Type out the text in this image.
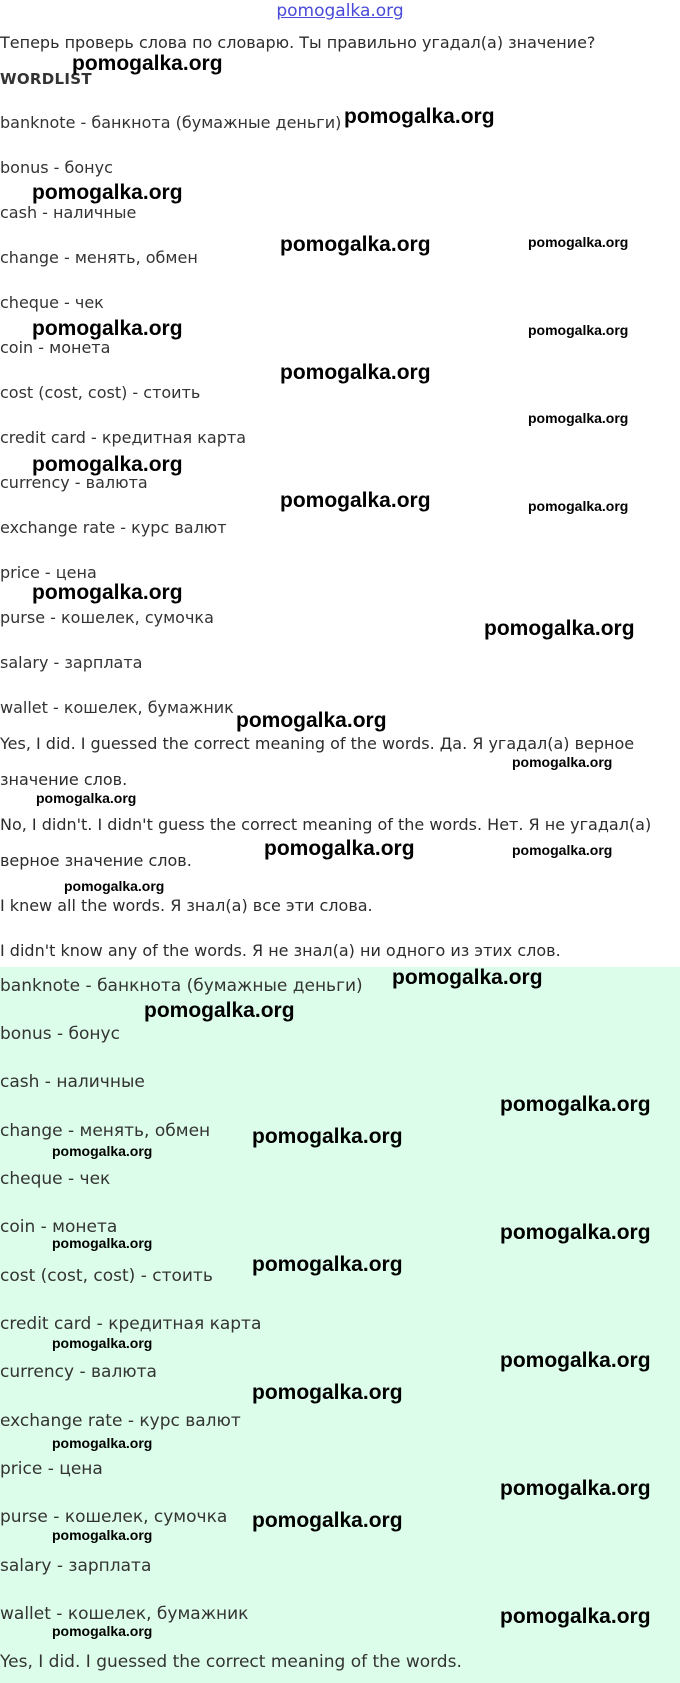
pomogalka.org
Теперь проверь слова по словарю. Ты правильно угадал(а) значение?
WORDLIST
banknote - банкнота (бумажные деньги)
bonus - бонус
cash - наличные
change - менять, обмен
cheque - чек
coin - монета
cost (cost, cost) - стоить
credit card - кредитная карта
currency - валюта
exchange rate - курс валют
price - цена
purse - кошелек, сумочка
salary - зарплата
wallet - кошелек, бумажник
Yes, I did. I guessed the correct meaning of the words. Да. Я угадал(а) верное значение слов.
No, I didn't. I didn't guess the correct meaning of the words. Нет. Я не угадал(а) верное значение слов.
I knew all the words. Я знал(а) все эти слова.
I didn't know any of the words. Я не знал(а) ни одного из этих слов.
banknote - банкнота (бумажные деньги)
bonus - бонус
cash - наличные
change - менять, обмен
cheque - чек
coin - монета
cost (cost, cost) - стоить
credit card - кредитная карта
currency - валюта
exchange rate - курс валют
price - цена
purse - кошелек, сумочка
salary - зарплата
wallet - кошелек, бумажник
Yes, I did. I guessed the correct meaning of the words.
pomogalka.org
pomogalka.org
pomogalka.org
pomogalka.org	pomogalka.org
pomogalka.org	pomogalka.org
pomogalka.org
pomogalka.org
pomogalka.org
pomogalka.org	pomogalka.org
pomogalka.org
pomogalka.org
pomogalka.org
pomogalka.org
pomogalka.org
pomogalka.org	pomogalka.org
pomogalka.org
pomogalka.org
pomogalka.org
pomogalka.org
pomogalka.org
pomogalka.org
pomogalka.org	pomogalka.org
pomogalka.org
pomogalka.org
pomogalka.org
pomogalka.org
pomogalka.org
pomogalka.org
pomogalka.org
pomogalka.org
pomogalka.org
pomogalka.org
